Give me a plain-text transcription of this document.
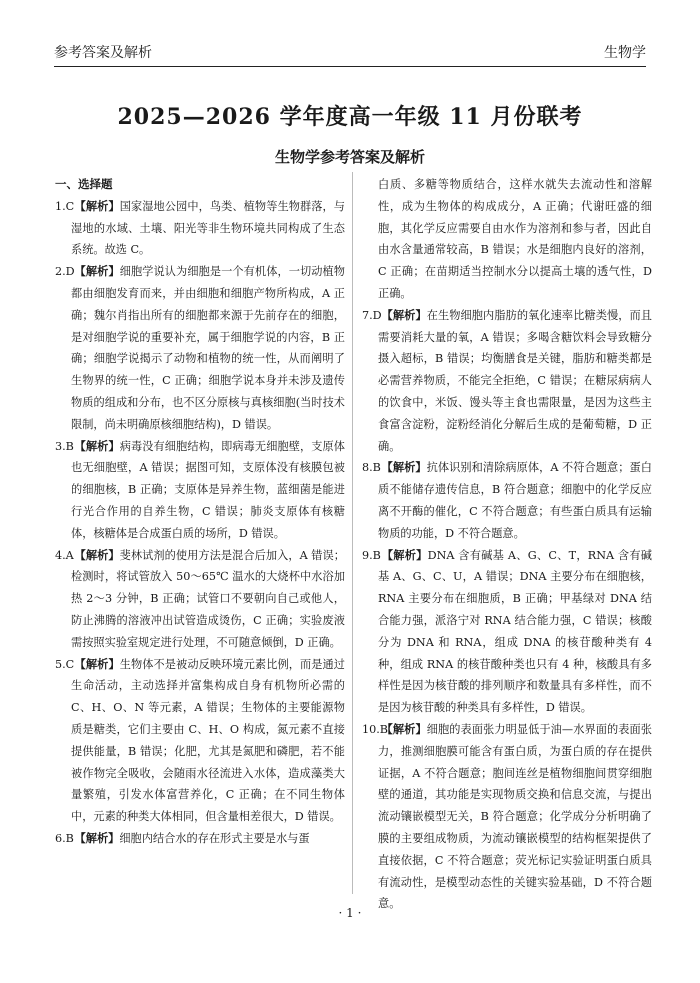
参考答案及解析	生物学
2025—2026 学年度高一年级 11 月份联考
生物学参考答案及解析

一、选择题

1.C 【解析】国家湿地公园中，鸟类、植物等生物群落，与湿地的水域、土壤、阳光等非生物环境共同构成了生态系统。故选 C。

2.D 【解析】细胞学说认为细胞是一个有机体，一切动植物都由细胞发育而来，并由细胞和细胞产物所构成，A 正确；魏尔肖指出所有的细胞都来源于先前存在的细胞，是对细胞学说的重要补充，属于细胞学说的内容，B 正确；细胞学说揭示了动物和植物的统一性，从而阐明了生物界的统一性，C 正确；细胞学说本身并未涉及遗传物质的组成和分布，也不区分原核与真核细胞(当时技术限制，尚未明确原核细胞结构)，D 错误。

3.B 【解析】病毒没有细胞结构，即病毒无细胞壁，支原体也无细胞壁，A 错误；据图可知，支原体没有核膜包被的细胞核，B 正确；支原体是异养生物，蓝细菌是能进行光合作用的自养生物，C 错误；肺炎支原体有核糖体，核糖体是合成蛋白质的场所，D 错误。

4.A 【解析】斐林试剂的使用方法是混合后加入，A 错误；检测时，将试管放入 50～65℃ 温水的大烧杯中水浴加热 2～3 分钟，B 正确；试管口不要朝向自己或他人，防止沸腾的溶液冲出试管造成烫伤，C 正确；实验废液需按照实验室规定进行处理，不可随意倾倒，D 正确。

5.C 【解析】生物体不是被动反映环境元素比例，而是通过生命活动，主动选择并富集构成自身有机物所必需的 C、H、O、N 等元素，A 错误；生物体的主要能源物质是糖类，它们主要由 C、H、O 构成，氮元素不直接提供能量，B 错误；化肥，尤其是氮肥和磷肥，若不能被作物完全吸收，会随雨水径流进入水体，造成藻类大量繁殖，引发水体富营养化，C 正确；在不同生物体中，元素的种类大体相同，但含量相差很大，D 错误。

6.B 【解析】细胞内结合水的存在形式主要是水与蛋

白质、多糖等物质结合，这样水就失去流动性和溶解性，成为生物体的构成成分，A 正确；代谢旺盛的细胞，其化学反应需要自由水作为溶剂和参与者，因此自由水含量通常较高，B 错误；水是细胞内良好的溶剂，C 正确；在苗期适当控制水分以提高土壤的透气性，D 正确。

7.D 【解析】在生物细胞内脂肪的氧化速率比糖类慢，而且需要消耗大量的氧，A 错误；多喝含糖饮料会导致糖分摄入超标，B 错误；均衡膳食是关键，脂肪和糖类都是必需营养物质，不能完全拒绝，C 错误；在糖尿病病人的饮食中，米饭、馒头等主食也需限量，是因为这些主食富含淀粉，淀粉经消化分解后生成的是葡萄糖，D 正确。

8.B 【解析】抗体识别和清除病原体，A 不符合题意；蛋白质不能储存遗传信息，B 符合题意；细胞中的化学反应离不开酶的催化，C 不符合题意；有些蛋白质具有运输物质的功能，D 不符合题意。

9.B 【解析】DNA 含有碱基 A、G、C、T，RNA 含有碱基 A、G、C、U，A 错误；DNA 主要分布在细胞核，RNA 主要分布在细胞质，B 正确；甲基绿对 DNA 结合能力强，派洛宁对 RNA 结合能力强，C 错误；核酸分为 DNA 和 RNA，组成 DNA 的核苷酸种类有 4 种，组成 RNA 的核苷酸种类也只有 4 种，核酸具有多样性是因为核苷酸的排列顺序和数量具有多样性，而不是因为核苷酸的种类具有多样性，D 错误。

10.B 【解析】细胞的表面张力明显低于油—水界面的表面张力，推测细胞膜可能含有蛋白质，为蛋白质的存在提供证据，A 不符合题意；胞间连丝是植物细胞间贯穿细胞壁的通道，其功能是实现物质交换和信息交流，与提出流动镶嵌模型无关，B 符合题意；化学成分分析明确了膜的主要组成物质，为流动镶嵌模型的结构框架提供了直接依据，C 不符合题意；荧光标记实验证明蛋白质具有流动性，是模型动态性的关键实验基础，D 不符合题意。

· 1 ·
